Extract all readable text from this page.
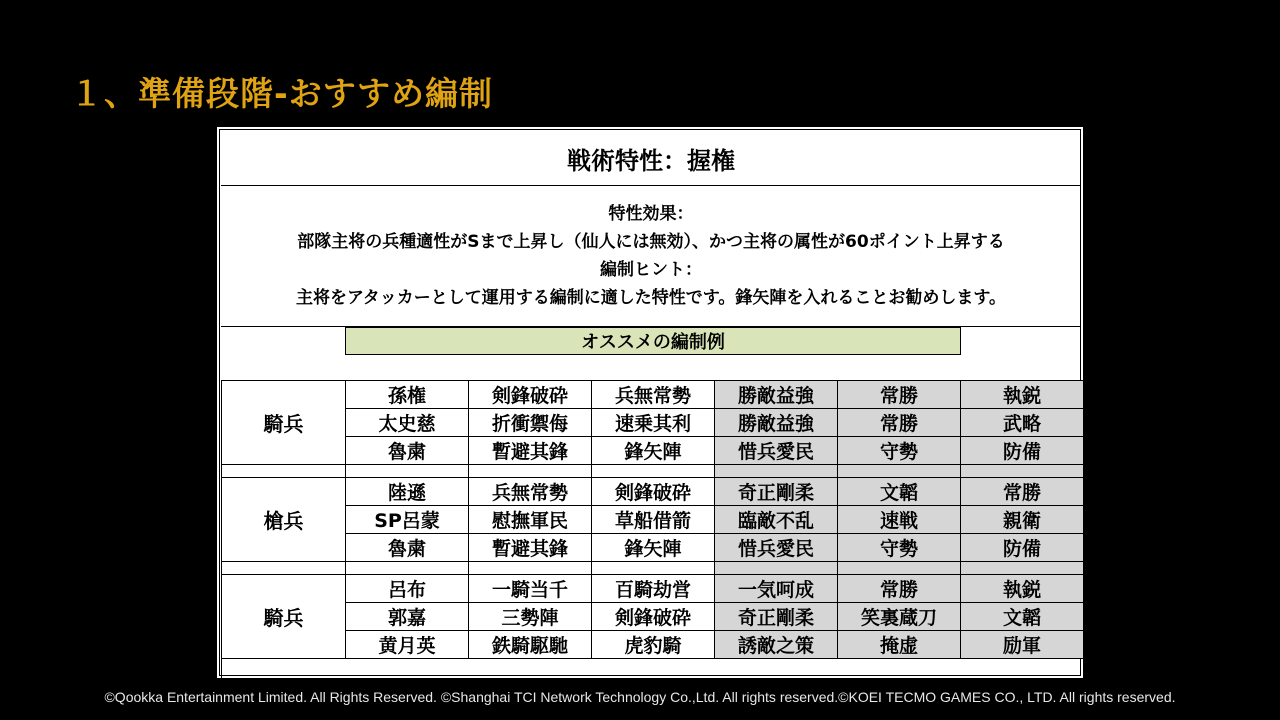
１、準備段階-おすすめ編制
戦術特性：握権
特性効果：
部隊主将の兵種適性がSまで上昇し（仙人には無効）、かつ主将の属性が60ポイント上昇する
編制ヒント：
主将をアタッカーとして運用する編制に適した特性です。鋒矢陣を入れることお勧めします。
オススメの編制例
騎兵	孫権	剣鋒破砕	兵無常勢	勝敵益強	常勝	執鋭
	太史慈	折衝禦侮	速乗其利	勝敵益強	常勝	武略
	魯粛	暫避其鋒	鋒矢陣	惜兵愛民	守勢	防備

槍兵	陸遜	兵無常勢	剣鋒破砕	奇正剛柔	文韜	常勝
	SP呂蒙	慰撫軍民	草船借箭	臨敵不乱	速戦	親衛
	魯粛	暫避其鋒	鋒矢陣	惜兵愛民	守勢	防備

騎兵	呂布	一騎当千	百騎劫営	一気呵成	常勝	執鋭
	郭嘉	三勢陣	剣鋒破砕	奇正剛柔	笑裏蔵刀	文韜
	黄月英	鉄騎駆馳	虎豹騎	誘敵之策	掩虚	励軍

©Qookka Entertainment Limited. All Rights Reserved. ©Shanghai TCI Network Technology Co.,Ltd. All rights reserved.©KOEI TECMO GAMES CO., LTD. All rights reserved.
